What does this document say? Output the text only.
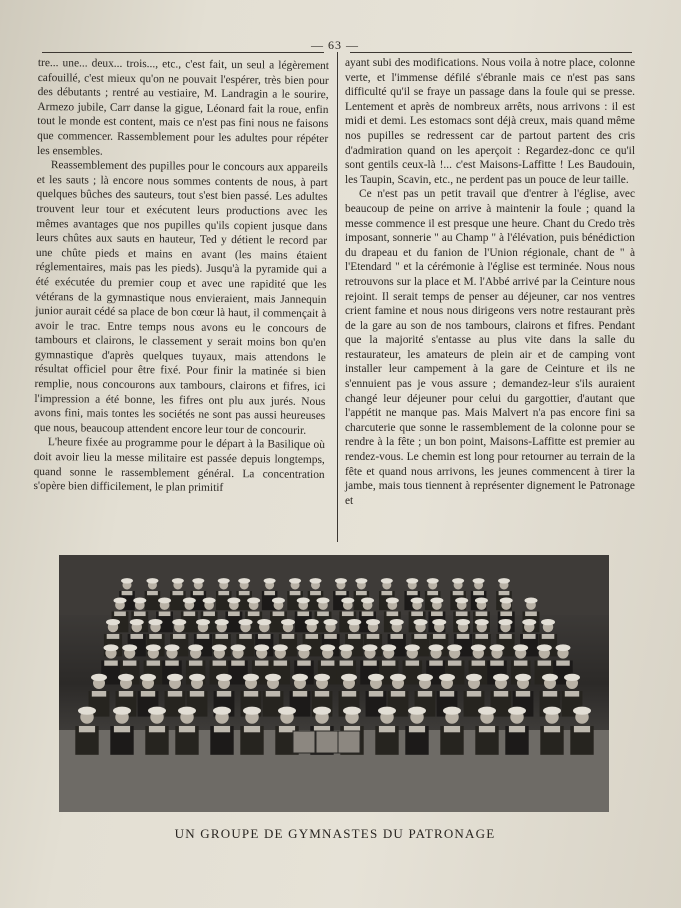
— 63 —

tre... une... deux... trois..., etc., c'est fait, un seul a légèrement cafouillé, c'est mieux qu'on ne pouvait l'espérer, très bien pour des débutants ; rentré au vestiaire, M. Landragin a le sourire, Armezo jubile, Carr danse la gigue, Léonard fait la roue, enfin tout le monde est content, mais ce n'est pas fini nous ne faisons que commencer. Rassemblement pour les adultes pour répéter les ensembles.

Reassemblement des pupilles pour le concours aux appareils et les sauts ; là encore nous sommes contents de nous, à part quelques bûches des sauteurs, tout s'est bien passé. Les adultes trouvent leur tour et exécutent leurs productions avec les mêmes avantages que nos pupilles qu'ils copient jusque dans leurs chûtes aux sauts en hauteur, Ted y détient le record par une chûte pieds et mains en avant (les mains étaient réglementaires, mais pas les pieds). Jusqu'à la pyramide qui a été exécutée du premier coup et avec une rapidité que les vétérans de la gymnastique nous envieraient, mais Jannequin junior aurait cédé sa place de bon cœur là haut, il commençait à avoir le trac. Entre temps nous avons eu le concours de tambours et clairons, le classement y serait moins bon qu'en gymnastique d'après quelques tuyaux, mais attendons le résultat officiel pour être fixé. Pour finir la matinée si bien remplie, nous concourons aux tambours, clairons et fifres, ici l'impression a été bonne, les fifres ont plu aux jurés. Nous avons fini, mais tontes les sociétés ne sont pas aussi heureuses que nous, beaucoup attendent encore leur tour de concourir.

L'heure fixée au programme pour le départ à la Basilique où doit avoir lieu la messe militaire est passée depuis longtemps, quand sonne le rassemblement général. La concentration s'opère bien difficilement, le plan primitif

ayant subi des modifications. Nous voila à notre place, colonne verte, et l'immense défilé s'ébranle mais ce n'est pas sans difficulté qu'il se fraye un passage dans la foule qui se presse. Lentement et après de nombreux arrêts, nous arrivons : il est midi et demi. Les estomacs sont déjà creux, mais quand même nos pupilles se redressent car de partout partent des cris d'admiration quand on les aperçoit : Regardez-donc ce qu'il sont gentils ceux-là !... c'est Maisons-Laffitte ! Les Baudouin, les Taupin, Scavin, etc., ne perdent pas un pouce de leur taille.

Ce n'est pas un petit travail que d'entrer à l'église, avec beaucoup de peine on arrive à maintenir la foule ; quand la messe commence il est presque une heure. Chant du Credo très imposant, sonnerie " au Champ " à l'élévation, puis bénédiction du drapeau et du fanion de l'Union régionale, chant de " à l'Etendard " et la cérémonie à l'église est terminée. Nous nous retrouvons sur la place et M. l'Abbé arrivé par la Ceinture nous rejoint. Il serait temps de penser au déjeuner, car nos ventres crient famine et nous nous dirigeons vers notre restaurant près de la gare au son de nos tambours, clairons et fifres. Pendant que la majorité s'entasse au plus vite dans la salle du restaurateur, les amateurs de plein air et de camping vont installer leur campement à la gare de Ceinture et ils ne s'ennuient pas je vous assure ; demandez-leur s'ils auraient changé leur déjeuner pour celui du gargottier, d'autant que l'appétit ne manque pas. Mais Malvert n'a pas encore fini sa charcuterie que sonne le rassemblement de la colonne pour se rendre à la fête ; un bon point, Maisons-Laffitte est premier au rendez-vous. Le chemin est long pour retourner au terrain de la fête et quand nous arrivons, les jeunes commencent à tirer la jambe, mais tous tiennent à représenter dignement le Patronage et

UN GROUPE DE GYMNASTES DU PATRONAGE
